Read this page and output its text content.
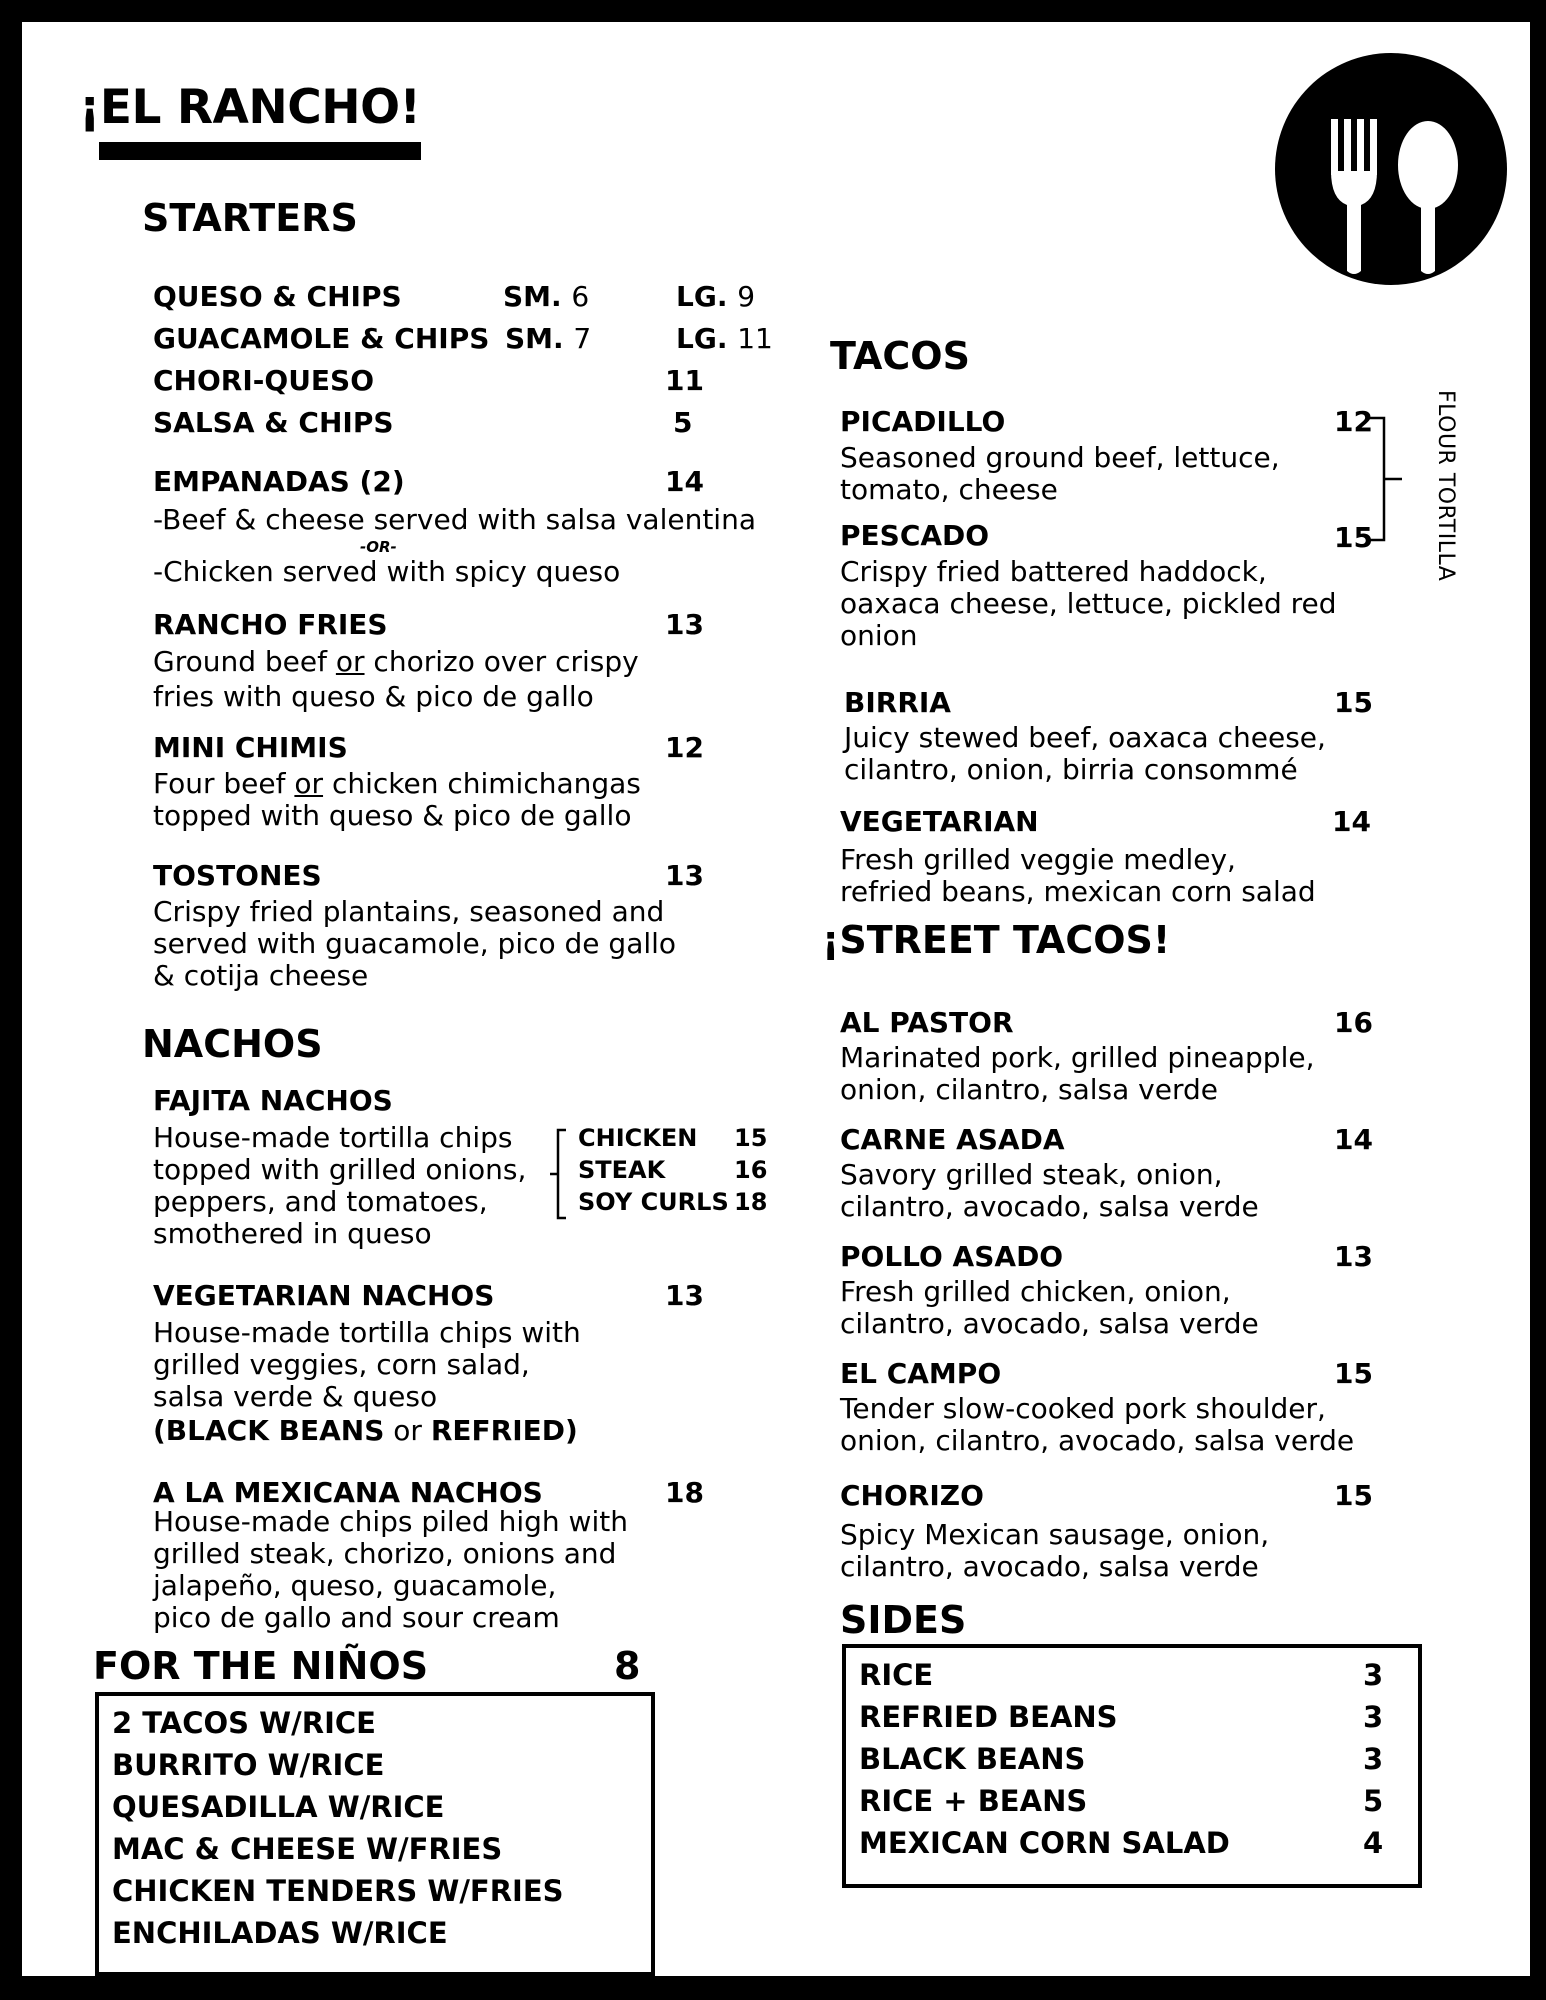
¡EL RANCHO!
STARTERS
QUESO & CHIPS	SM. 6	LG. 9
GUACAMOLE & CHIPS SM. 7	LG. 11
CHORI-QUESO	11
SALSA & CHIPS	5
EMPANADAS (2)	14
-Beef & cheese served with salsa valentina
-OR-
-Chicken served with spicy queso
RANCHO FRIES	13
Ground beef or chorizo over crispy
fries with queso & pico de gallo
MINI CHIMIS	12
Four beef or chicken chimichangas
topped with queso & pico de gallo
TOSTONES	13
Crispy fried plantains, seasoned and
served with guacamole, pico de gallo
& cotija cheese
NACHOS
FAJITA NACHOS
House-made tortilla chips
topped with grilled onions,
peppers, and tomatoes,
smothered in queso
CHICKEN 15
STEAK	16
SOY CURLS 18
VEGETARIAN NACHOS	13
House-made tortilla chips with
grilled veggies, corn salad,
salsa verde & queso
(BLACK BEANS or REFRIED)
A LA MEXICANA NACHOS	18
House-made chips piled high with
grilled steak, chorizo, onions and
jalapeño, queso, guacamole,
pico de gallo and sour cream
FOR THE NIÑOS	8
2 TACOS W/RICE
BURRITO W/RICE
QUESADILLA W/RICE
MAC & CHEESE W/FRIES
CHICKEN TENDERS W/FRIES
ENCHILADAS W/RICE
TACOS
PICADILLO	12
Seasoned ground beef, lettuce,
tomato, cheese
PESCADO	15
Crispy fried battered haddock,
oaxaca cheese, lettuce, pickled red
onion
FLOUR TORTILLA
BIRRIA	15
Juicy stewed beef, oaxaca cheese,
cilantro, onion, birria consommé
VEGETARIAN	14
Fresh grilled veggie medley,
refried beans, mexican corn salad
¡STREET TACOS!
AL PASTOR	16
Marinated pork, grilled pineapple,
onion, cilantro, salsa verde
CARNE ASADA	14
Savory grilled steak, onion,
cilantro, avocado, salsa verde
POLLO ASADO	13
Fresh grilled chicken, onion,
cilantro, avocado, salsa verde
EL CAMPO	15
Tender slow-cooked pork shoulder,
onion, cilantro, avocado, salsa verde
CHORIZO	15
Spicy Mexican sausage, onion,
cilantro, avocado, salsa verde
SIDES
RICE	3
REFRIED BEANS	3
BLACK BEANS	3
RICE + BEANS	5
MEXICAN CORN SALAD	4
